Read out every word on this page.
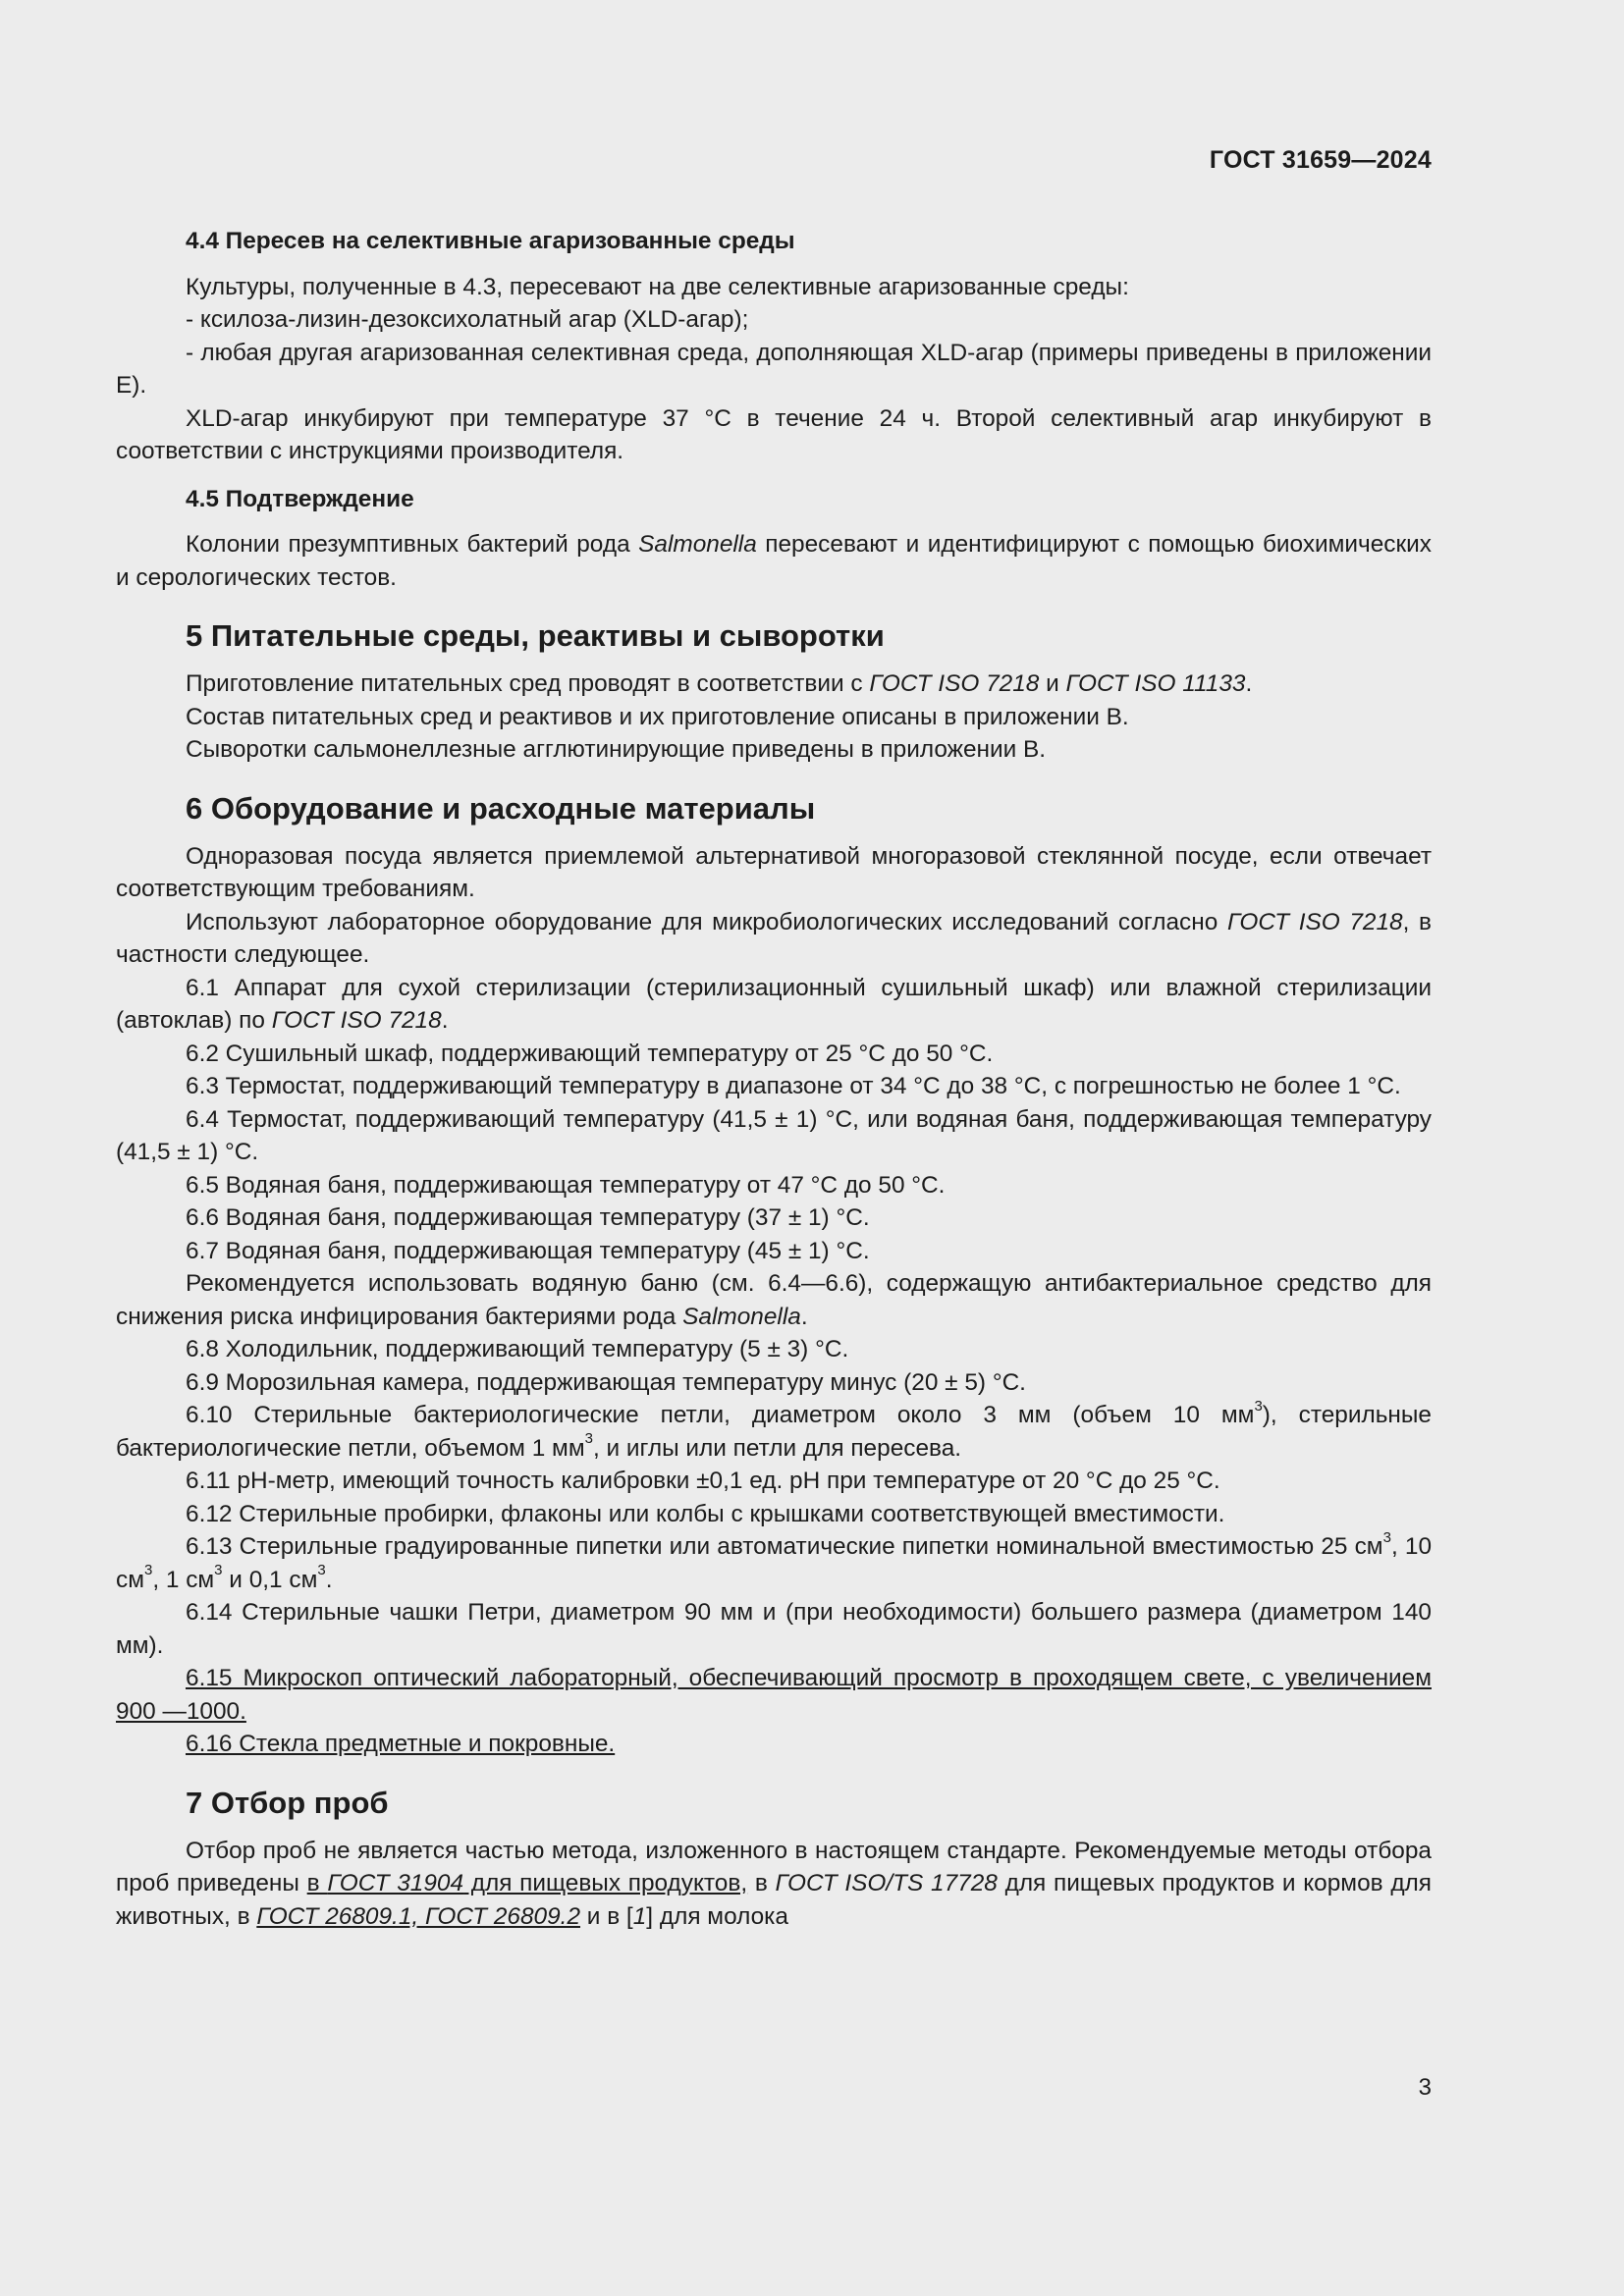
ГОСТ 31659—2024
4.4 Пересев на селективные агаризованные среды
Культуры, полученные в 4.3, пересевают на две селективные агаризованные среды:
- ксилоза-лизин-дезоксихолатный агар (XLD-агар);
- любая другая агаризованная селективная среда, дополняющая XLD-агар (примеры приведены в приложении Е).
XLD-агар инкубируют при температуре 37 °С в течение 24 ч. Второй селективный агар инкубируют в соответствии с инструкциями производителя.
4.5 Подтверждение
Колонии презумптивных бактерий рода Salmonella пересевают и идентифицируют с помощью биохимических и серологических тестов.
5 Питательные среды, реактивы и сыворотки
Приготовление питательных сред проводят в соответствии с ГОСТ ISO 7218 и ГОСТ ISO 11133.
Состав питательных сред и реактивов и их приготовление описаны в приложении В.
Сыворотки сальмонеллезные агглютинирующие приведены в приложении В.
6 Оборудование и расходные материалы
Одноразовая посуда является приемлемой альтернативой многоразовой стеклянной посуде, если отвечает соответствующим требованиям.
Используют лабораторное оборудование для микробиологических исследований согласно ГОСТ ISO 7218, в частности следующее.
6.1 Аппарат для сухой стерилизации (стерилизационный сушильный шкаф) или влажной стерилизации (автоклав) по ГОСТ ISO 7218.
6.2 Сушильный шкаф, поддерживающий температуру от 25 °С до 50 °С.
6.3 Термостат, поддерживающий температуру в диапазоне от 34 °С до 38 °С, с погрешностью не более 1 °С.
6.4 Термостат, поддерживающий температуру (41,5 ± 1) °С, или водяная баня, поддерживающая температуру (41,5 ± 1) °С.
6.5 Водяная баня, поддерживающая температуру от 47 °С до 50 °С.
6.6 Водяная баня, поддерживающая температуру (37 ± 1) °С.
6.7 Водяная баня, поддерживающая температуру (45 ± 1) °С.
Рекомендуется использовать водяную баню (см. 6.4—6.6), содержащую антибактериальное средство для снижения риска инфицирования бактериями рода Salmonella.
6.8 Холодильник, поддерживающий температуру (5 ± 3) °С.
6.9 Морозильная камера, поддерживающая температуру минус (20 ± 5) °С.
6.10 Стерильные бактериологические петли, диаметром около 3 мм (объем 10 $мм^3$), стерильные бактериологические петли, объемом 1 $мм^3$, и иглы или петли для пересева.
6.11 pH-метр, имеющий точность калибровки ±0,1 ед. pH при температуре от 20 °С до 25 °С.
6.12 Стерильные пробирки, флаконы или колбы с крышками соответствующей вместимости.
6.13 Стерильные градуированные пипетки или автоматические пипетки номинальной вместимостью 25 $см^3$, 10 $см^3$, 1 $см^3$ и 0,1 $см^3$.
6.14 Стерильные чашки Петри, диаметром 90 мм и (при необходимости) большего размера (диаметром 140 мм).
6.15 Микроскоп оптический лабораторный, обеспечивающий просмотр в проходящем свете, с увеличением 900 —1000.
6.16 Стекла предметные и покровные.
7 Отбор проб
Отбор проб не является частью метода, изложенного в настоящем стандарте. Рекомендуемые методы отбора проб приведены в ГОСТ 31904 для пищевых продуктов, в ГОСТ ISO/TS 17728 для пищевых продуктов и кормов для животных, в ГОСТ 26809.1, ГОСТ 26809.2 и в [1] для молока
3
